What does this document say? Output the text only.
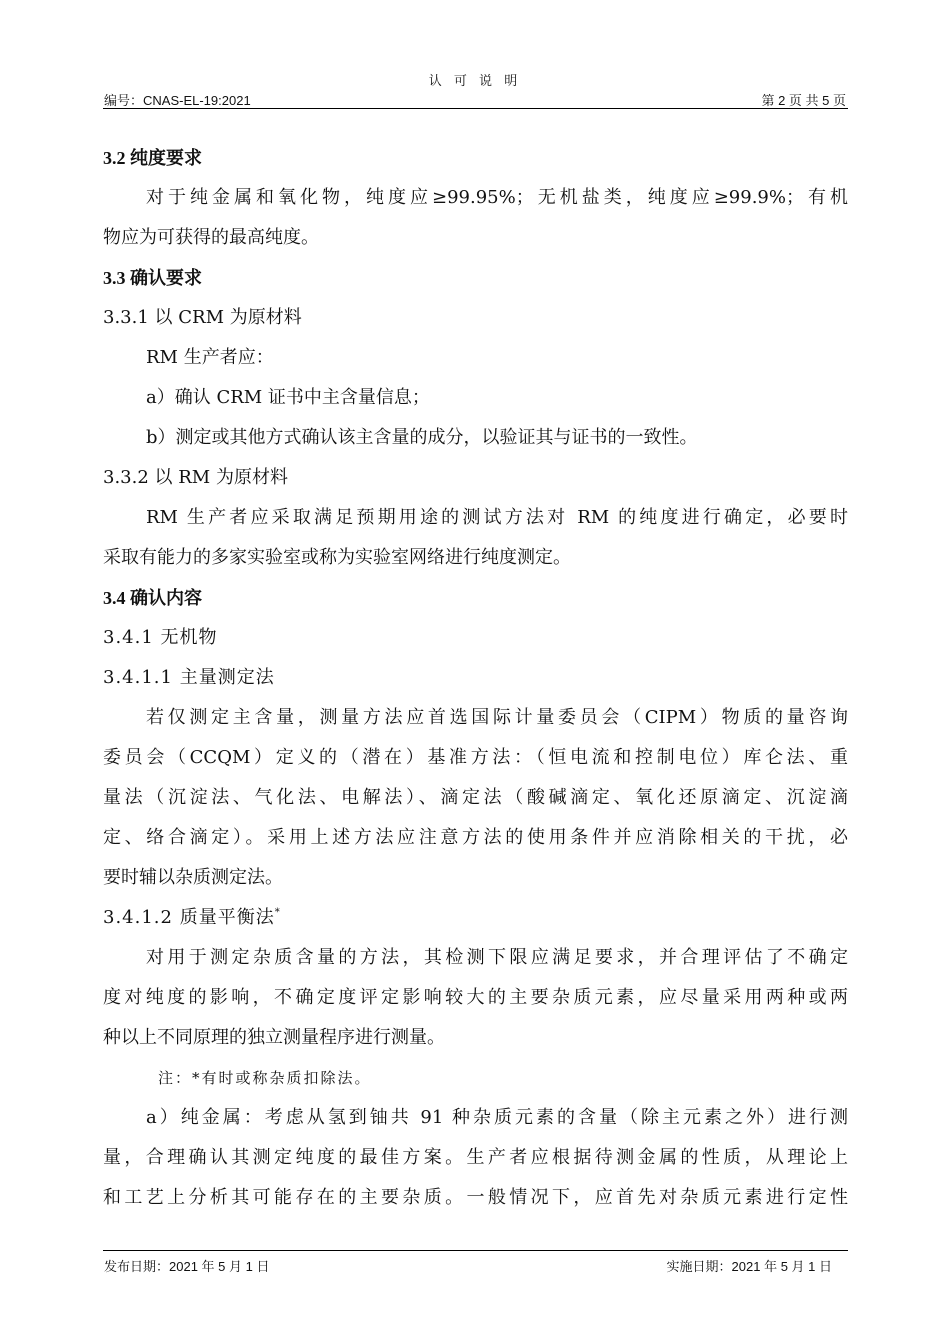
认 可 说 明
编号：CNAS-EL-19:2021	第 2 页 共 5 页
3.2 纯度要求
对于纯金属和氧化物，纯度应≥99.95%；无机盐类，纯度应≥99.9%；有机
物应为可获得的最高纯度。
3.3 确认要求
3.3.1 以 CRM 为原材料
RM 生产者应：
a）确认 CRM 证书中主含量信息；
b）测定或其他方式确认该主含量的成分，以验证其与证书的一致性。
3.3.2 以 RM 为原材料
RM 生产者应采取满足预期用途的测试方法对 RM 的纯度进行确定，必要时
采取有能力的多家实验室或称为实验室网络进行纯度测定。
3.4 确认内容
3.4.1 无机物
3.4.1.1 主量测定法
若仅测定主含量，测量方法应首选国际计量委员会（CIPM）物质的量咨询
委员会（CCQM）定义的（潜在）基准方法：（恒电流和控制电位）库仑法、重
量法（沉淀法、气化法、电解法）、滴定法（酸碱滴定、氧化还原滴定、沉淀滴
定、络合滴定）。采用上述方法应注意方法的使用条件并应消除相关的干扰，必
要时辅以杂质测定法。
3.4.1.2 质量平衡法*
对用于测定杂质含量的方法，其检测下限应满足要求，并合理评估了不确定
度对纯度的影响，不确定度评定影响较大的主要杂质元素，应尽量采用两种或两
种以上不同原理的独立测量程序进行测量。
注：*有时或称杂质扣除法。
a）纯金属：考虑从氢到铀共 91 种杂质元素的含量（除主元素之外）进行测
量，合理确认其测定纯度的最佳方案。生产者应根据待测金属的性质，从理论上
和工艺上分析其可能存在的主要杂质。一般情况下，应首先对杂质元素进行定性
发布日期：2021 年 5 月 1 日	实施日期：2021 年 5 月 1 日
